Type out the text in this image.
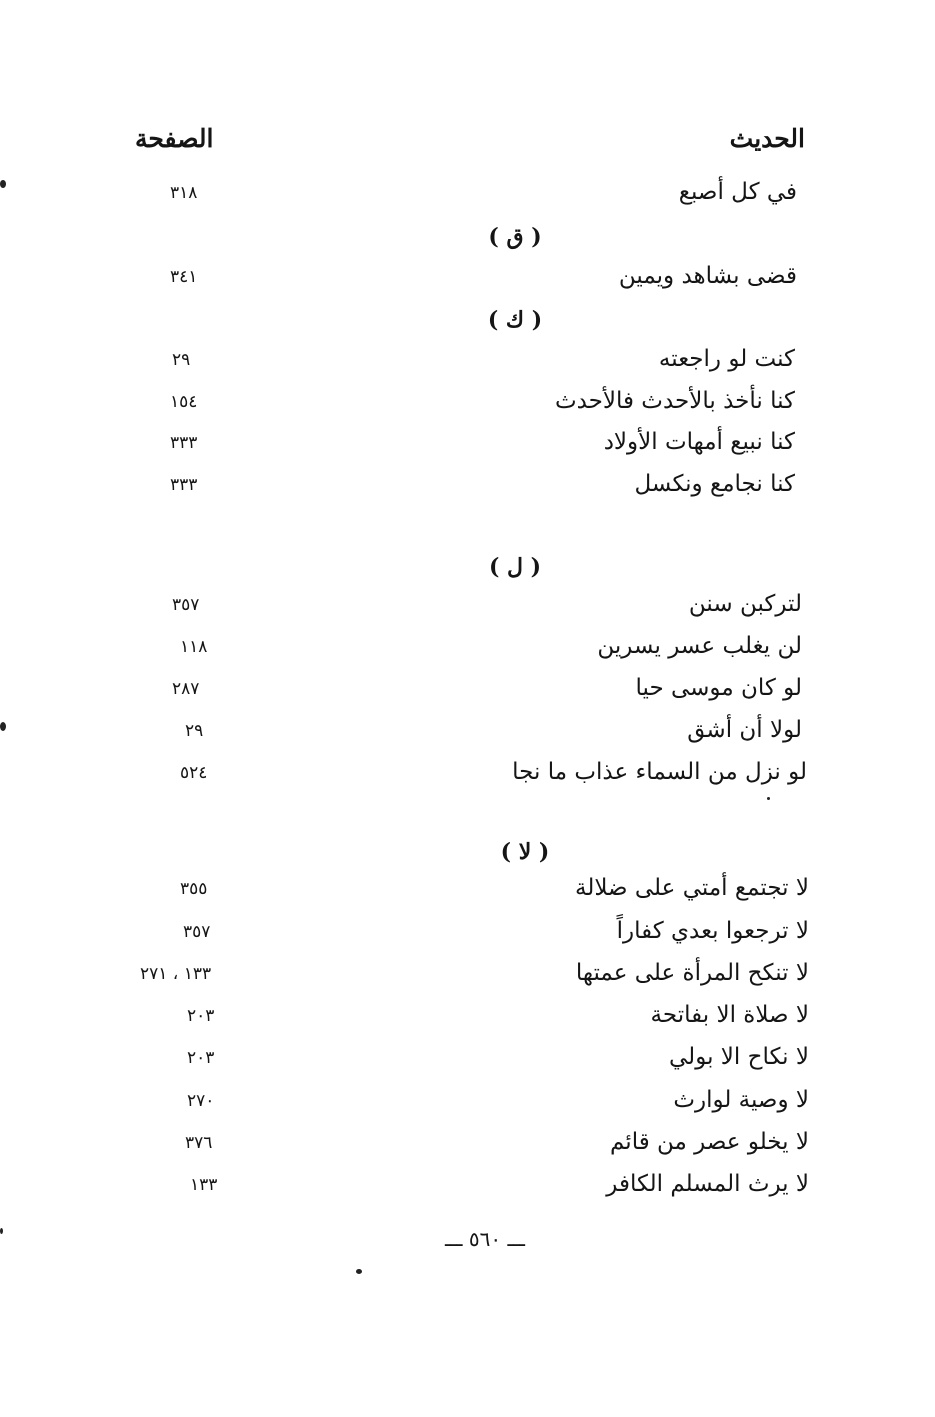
الحديث
الصفحة
في كل أصبع
٣١٨
( ق )
قضى بشاهد ويمين
٣٤١
( ك )
كنت لو راجعته
٢٩
كنا نأخذ بالأحدث فالأحدث
١٥٤
كنا نبيع أمهات الأولاد
٣٣٣
كنا نجامع ونكسل
٣٣٣
( ل )
لتركبن سنن
٣٥٧
لن يغلب عسر يسرين
١١٨
لو كان موسى حيا
٢٨٧
لولا أن أشق
٢٩
لو نزل من السماء عذاب ما نجا
٥٢٤
( لا )
لا تجتمع أمتي على ضلالة
٣٥٥
لا ترجعوا بعدي كفاراً
٣٥٧
لا تنكح المرأة على عمتها
١٣٣ ، ٢٧١
لا صلاة الا بفاتحة
٢٠٣
لا نكاح الا بولي
٢٠٣
لا وصية لوارث
٢٧٠
لا يخلو عصر من قائم
٣٧٦
لا يرث المسلم الكافر
١٣٣
ـــ ٥٦٠ ـــ
